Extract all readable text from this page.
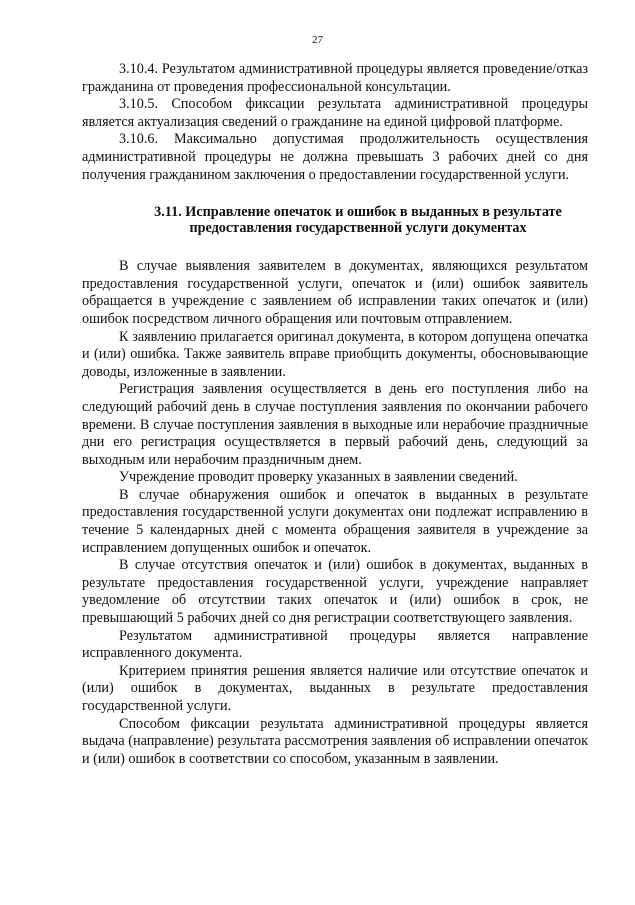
27

3.10.4. Результатом административной процедуры является проведение/отказ гражданина от проведения профессиональной консультации.

3.10.5. Способом фиксации результата административной процедуры является актуализация сведений о гражданине на единой цифровой платформе.

3.10.6. Максимально допустимая продолжительность осуществления административной процедуры не должна превышать 3 рабочих дней со дня получения гражданином заключения о предоставлении государственной услуги.

3.11. Исправление опечаток и ошибок в выданных в результате предоставления государственной услуги документах

В случае выявления заявителем в документах, являющихся результатом предоставления государственной услуги, опечаток и (или) ошибок заявитель обращается в учреждение с заявлением об исправлении таких опечаток и (или) ошибок посредством личного обращения или почтовым отправлением.

К заявлению прилагается оригинал документа, в котором допущена опечатка и (или) ошибка. Также заявитель вправе приобщить документы, обосновывающие доводы, изложенные в заявлении.

Регистрация заявления осуществляется в день его поступления либо на следующий рабочий день в случае поступления заявления по окончании рабочего времени. В случае поступления заявления в выходные или нерабочие праздничные дни его регистрация осуществляется в первый рабочий день, следующий за выходным или нерабочим праздничным днем.

Учреждение проводит проверку указанных в заявлении сведений.

В случае обнаружения ошибок и опечаток в выданных в результате предоставления государственной услуги документах они подлежат исправлению в течение 5 календарных дней с момента обращения заявителя в учреждение за исправлением допущенных ошибок и опечаток.

В случае отсутствия опечаток и (или) ошибок в документах, выданных в результате предоставления государственной услуги, учреждение направляет уведомление об отсутствии таких опечаток и (или) ошибок в срок, не превышающий 5 рабочих дней со дня регистрации соответствующего заявления.

Результатом административной процедуры является направление исправленного документа.

Критерием принятия решения является наличие или отсутствие опечаток и (или) ошибок в документах, выданных в результате предоставления государственной услуги.

Способом фиксации результата административной процедуры является выдача (направление) результата рассмотрения заявления об исправлении опечаток и (или) ошибок в соответствии со способом, указанным в заявлении.
